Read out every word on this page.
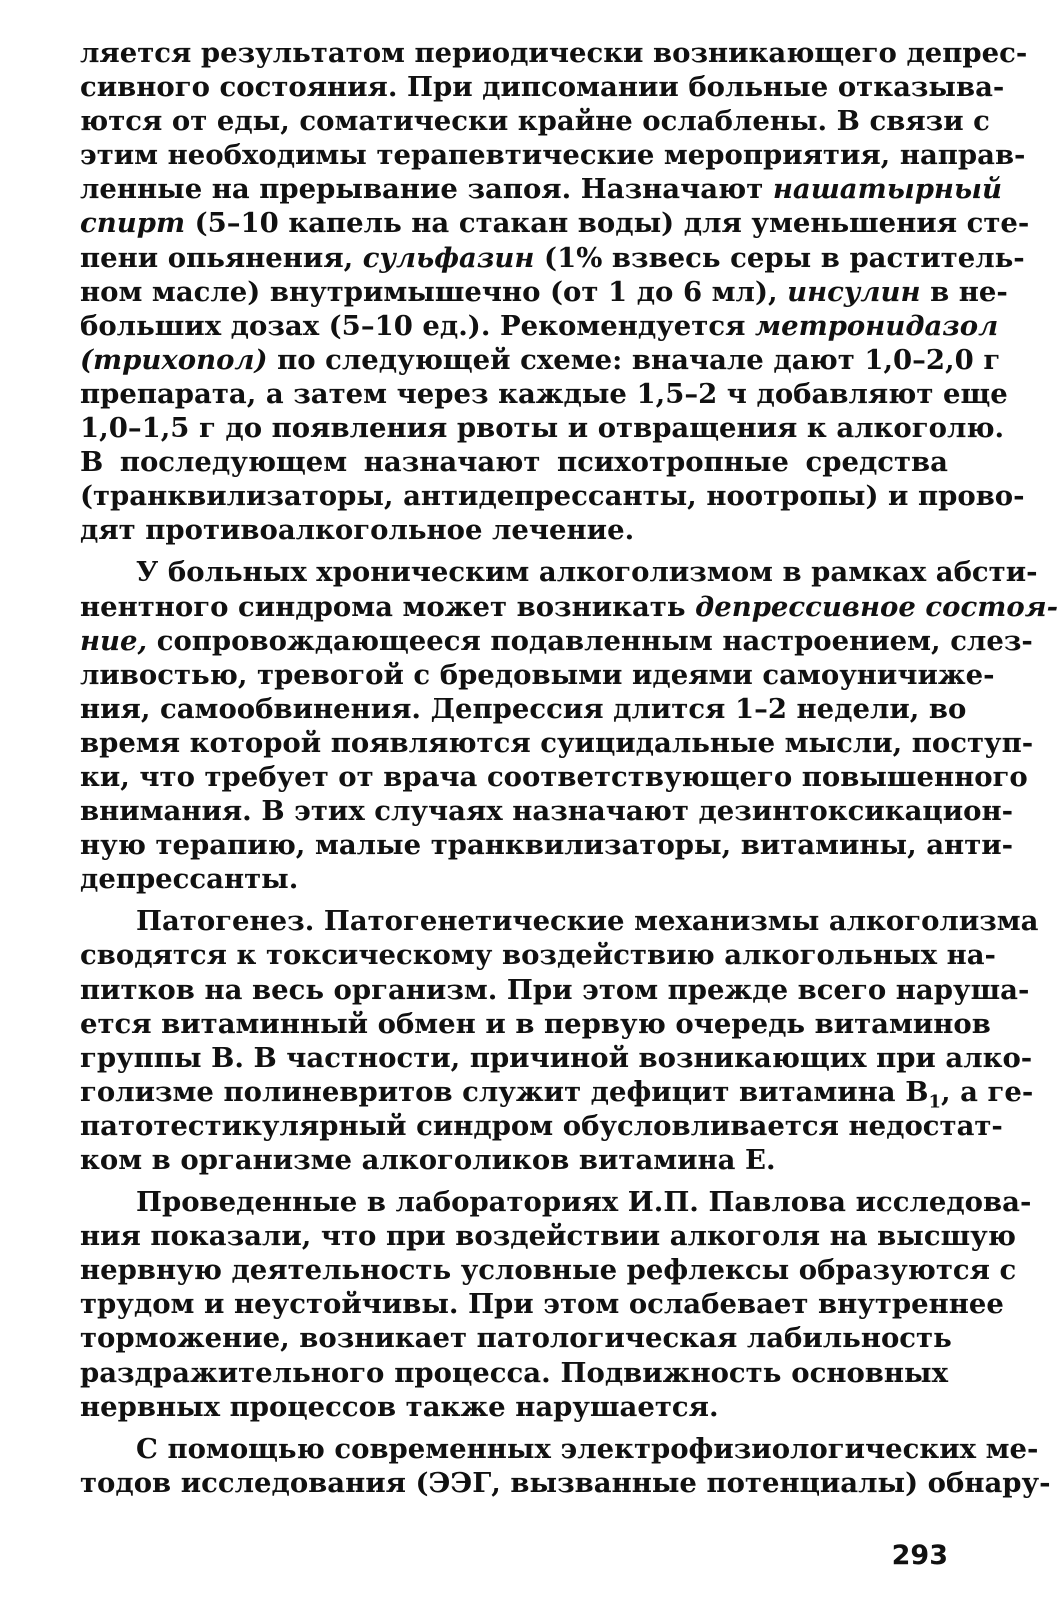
ляется результатом периодически возникающего депрес-
сивного состояния. При дипсомании больные отказыва-
ются от еды, соматически крайне ослаблены. В связи с
этим необходимы терапевтические мероприятия, направ-
ленные на прерывание запоя. Назначают нашатырный
спирт (5–10 капель на стакан воды) для уменьшения сте-
пени опьянения, сульфазин (1% взвесь серы в раститель-
ном масле) внутримышечно (от 1 до 6 мл), инсулин в не-
больших дозах (5–10 ед.). Рекомендуется метронидазол
(трихопол) по следующей схеме: вначале дают 1,0–2,0 г
препарата, а затем через каждые 1,5–2 ч добавляют еще
1,0–1,5 г до появления рвоты и отвращения к алкоголю.
В последующем назначают психотропные средства
(транквилизаторы, антидепрессанты, ноотропы) и прово-
дят противоалкогольное лечение.
У больных хроническим алкоголизмом в рамках абсти-
нентного синдрома может возникать депрессивное состоя-
ние, сопровождающееся подавленным настроением, слез-
ливостью, тревогой с бредовыми идеями самоуничиже-
ния, самообвинения. Депрессия длится 1–2 недели, во
время которой появляются суицидальные мысли, поступ-
ки, что требует от врача соответствующего повышенного
внимания. В этих случаях назначают дезинтоксикацион-
ную терапию, малые транквилизаторы, витамины, анти-
депрессанты.
Патогенез. Патогенетические механизмы алкоголизма
сводятся к токсическому воздействию алкогольных на-
питков на весь организм. При этом прежде всего наруша-
ется витаминный обмен и в первую очередь витаминов
группы В. В частности, причиной возникающих при алко-
голизме полиневритов служит дефицит витамина $В_1$, а ге-
патотестикулярный синдром обусловливается недостат-
ком в организме алкоголиков витамина Е.
Проведенные в лабораториях И.П. Павлова исследова-
ния показали, что при воздействии алкоголя на высшую
нервную деятельность условные рефлексы образуются с
трудом и неустойчивы. При этом ослабевает внутреннее
торможение, возникает патологическая лабильность
раздражительного процесса. Подвижность основных
нервных процессов также нарушается.
С помощью современных электрофизиологических ме-
тодов исследования (ЭЭГ, вызванные потенциалы) обнару-
293
